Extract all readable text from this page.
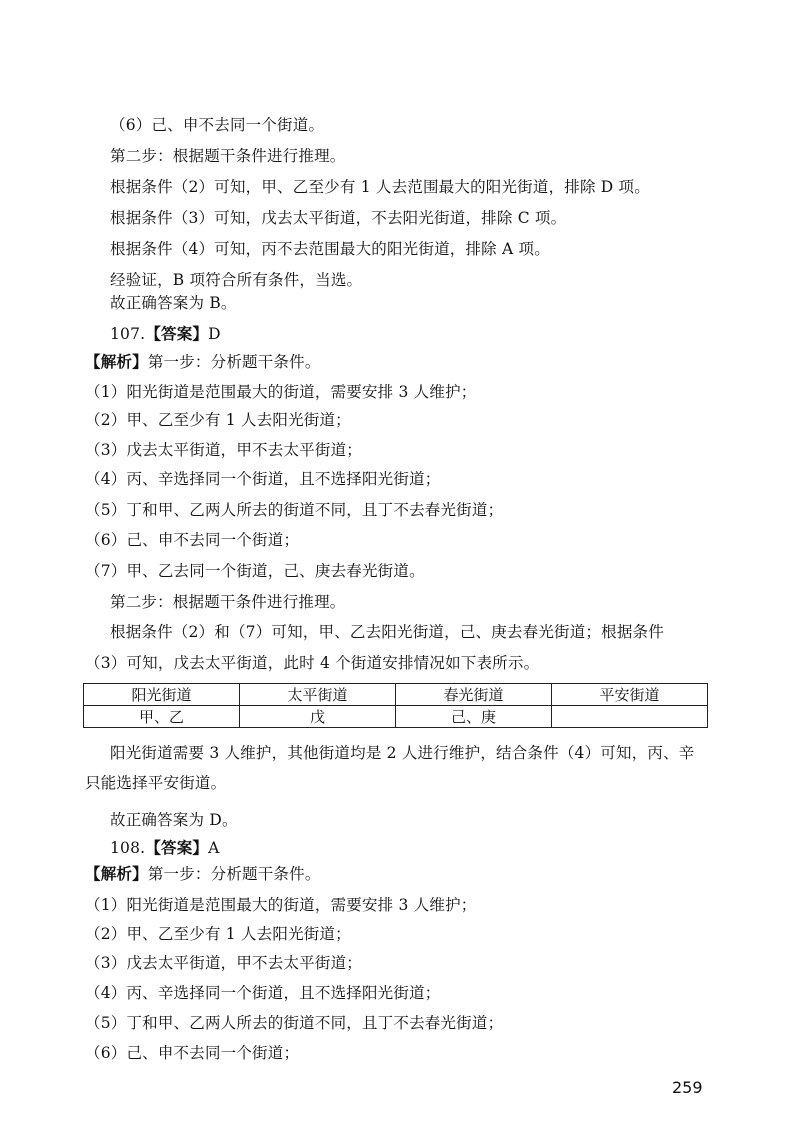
（6）己、申不去同一个街道。
第二步：根据题干条件进行推理。
根据条件（2）可知，甲、乙至少有 1 人去范围最大的阳光街道，排除 D 项。
根据条件（3）可知，戊去太平街道，不去阳光街道，排除 C 项。
根据条件（4）可知，丙不去范围最大的阳光街道，排除 A 项。
经验证，B 项符合所有条件，当选。
故正确答案为 B。
107.【答案】D
【解析】第一步：分析题干条件。
（1）阳光街道是范围最大的街道，需要安排 3 人维护；
（2）甲、乙至少有 1 人去阳光街道；
（3）戊去太平街道，甲不去太平街道；
（4）丙、辛选择同一个街道，且不选择阳光街道；
（5）丁和甲、乙两人所去的街道不同，且丁不去春光街道；
（6）己、申不去同一个街道；
（7）甲、乙去同一个街道，己、庚去春光街道。
第二步：根据题干条件进行推理。
根据条件（2）和（7）可知，甲、乙去阳光街道，己、庚去春光街道；根据条件
（3）可知，戊去太平街道，此时 4 个街道安排情况如下表所示。
阳光街道	太平街道	春光街道	平安街道
甲、乙	戊	己、庚	
阳光街道需要 3 人维护，其他街道均是 2 人进行维护，结合条件（4）可知，丙、辛
只能选择平安街道。
故正确答案为 D。
108.【答案】A
【解析】第一步：分析题干条件。
（1）阳光街道是范围最大的街道，需要安排 3 人维护；
（2）甲、乙至少有 1 人去阳光街道；
（3）戊去太平街道，甲不去太平街道；
（4）丙、辛选择同一个街道，且不选择阳光街道；
（5）丁和甲、乙两人所去的街道不同，且丁不去春光街道；
（6）己、申不去同一个街道；
259
